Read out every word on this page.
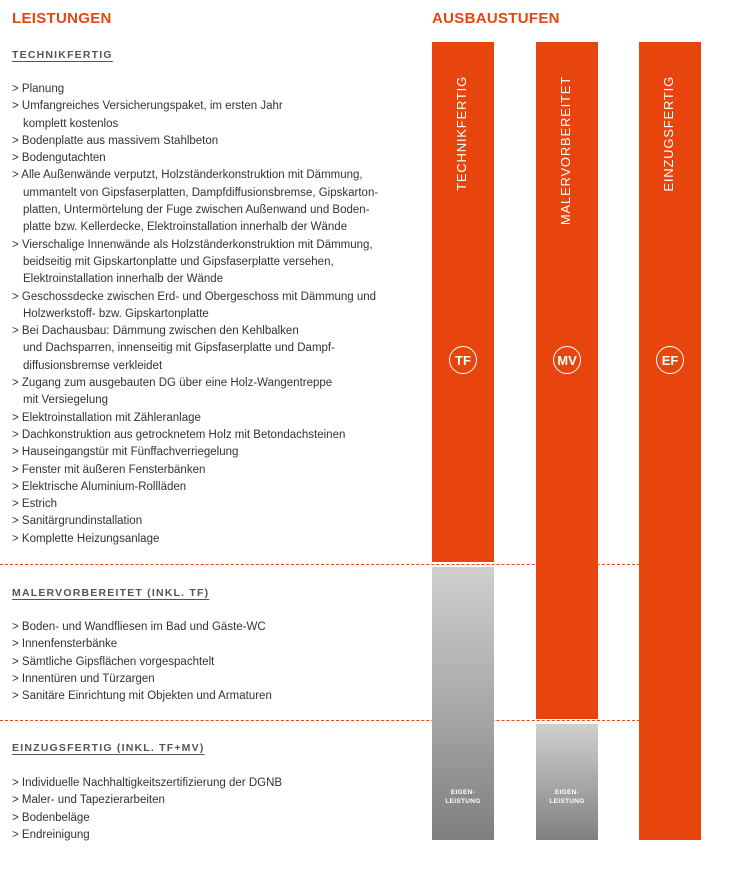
LEISTUNGEN	AUSBAUSTUFEN
TECHNIKFERTIG
> Planung
> Umfangreiches Versicherungspaket, im ersten Jahr
komplett kostenlos
> Bodenplatte aus massivem Stahlbeton
> Bodengutachten
> Alle Außenwände verputzt, Holzständerkonstruktion mit Dämmung,
ummantelt von Gipsfaserplatten, Dampfdiffusionsbremse, Gipskarton-
platten, Untermörtelung der Fuge zwischen Außenwand und Boden-
platte bzw. Kellerdecke, Elektroinstallation innerhalb der Wände
> Vierschalige Innenwände als Holzständerkonstruktion mit Dämmung,
beidseitig mit Gipskartonplatte und Gipsfaserplatte versehen,
Elektroinstallation innerhalb der Wände
> Geschossdecke zwischen Erd- und Obergeschoss mit Dämmung und
Holzwerkstoff- bzw. Gipskartonplatte
> Bei Dachausbau: Dämmung zwischen den Kehlbalken
und Dachsparren, innenseitig mit Gipsfaserplatte und Dampf-
diffusionsbremse verkleidet
> Zugang zum ausgebauten DG über eine Holz-Wangentreppe
mit Versiegelung
> Elektroinstallation mit Zähleranlage
> Dachkonstruktion aus getrocknetem Holz mit Betondachsteinen
> Hauseingangstür mit Fünffachverriegelung
> Fenster mit äußeren Fensterbänken
> Elektrische Aluminium-Rollläden
> Estrich
> Sanitärgrundinstallation
> Komplette Heizungsanlage
MALERVORBEREITET (INKL. TF)
> Boden- und Wandfliesen im Bad und Gäste-WC
> Innenfensterbänke
> Sämtliche Gipsflächen vorgespachtelt
> Innentüren und Türzargen
> Sanitäre Einrichtung mit Objekten und Armaturen
EINZUGSFERTIG (INKL. TF+MV)
> Individuelle Nachhaltigkeitszertifizierung der DGNB
> Maler- und Tapezierarbeiten
> Bodenbeläge
> Endreinigung
TECHNIKFERTIG
TF
EIGEN-
LEISTUNG
MALERVORBEREITET
MV
EIGEN-
LEISTUNG
EINZUGSFERTIG
EF
